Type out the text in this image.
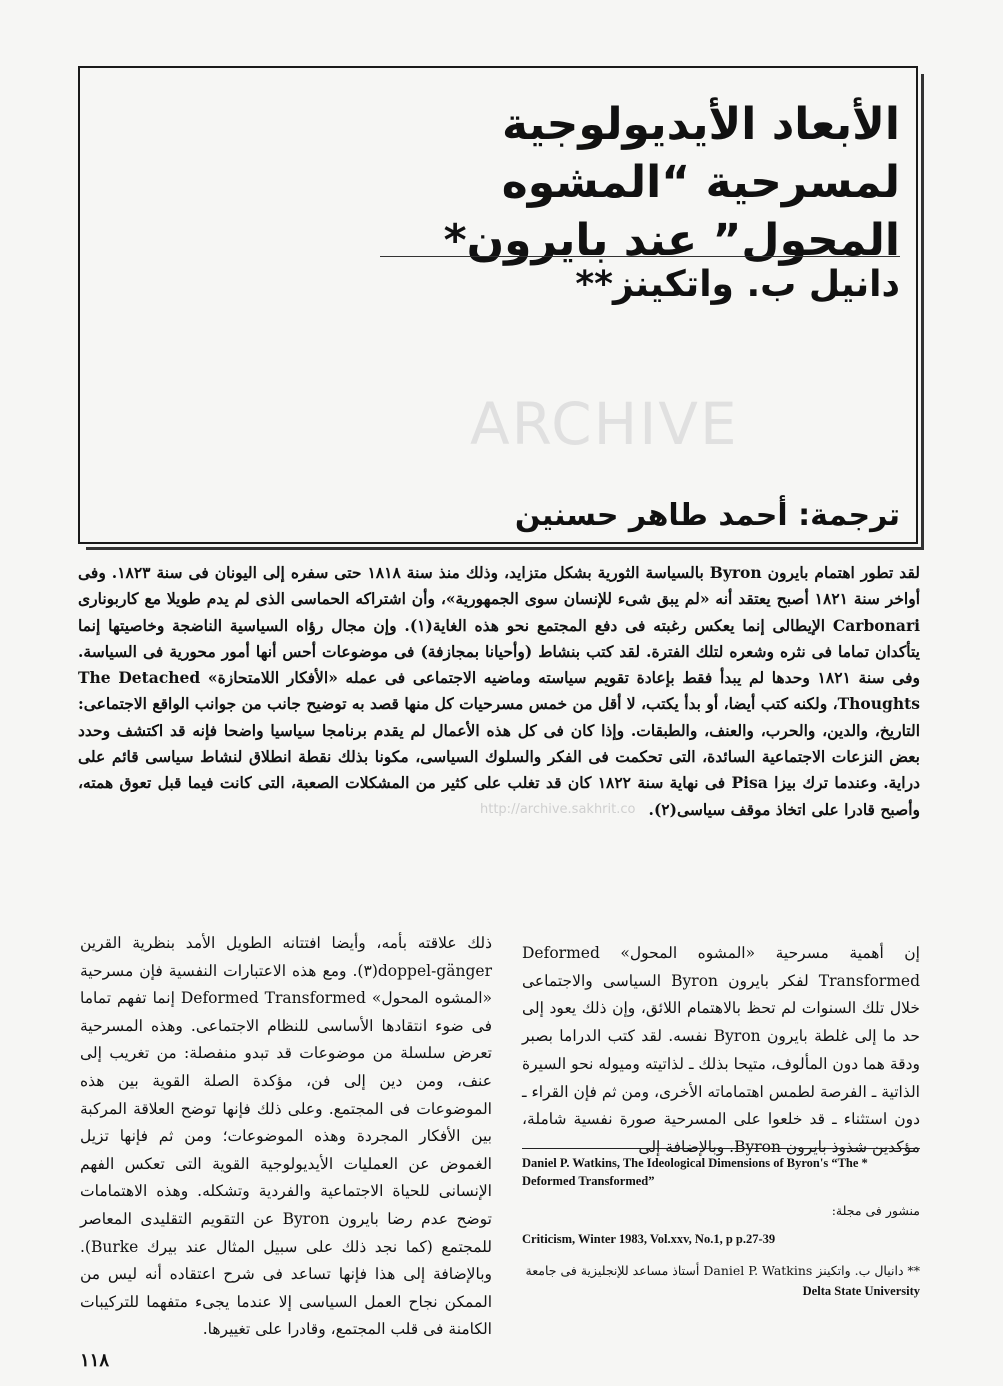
الأبعاد الأيديولوجية لمسرحية “المشوه المحول” عند بايرون*
دانيل ب. واتكينز**
ترجمة: أحمد طاهر حسنين

لقد تطور اهتمام بايرون Byron بالسياسة الثورية بشكل متزايد، وذلك منذ سنة ١٨١٨ حتى سفره إلى اليونان فى سنة ١٨٢٣. وفى أواخر سنة ١٨٢١ أصبح يعتقد أنه «لم يبق شىء للإنسان سوى الجمهورية»، وأن اشتراكه الحماسى الذى لم يدم طويلا مع كاربونارى Carbonari الإيطالى إنما يعكس رغبته فى دفع المجتمع نحو هذه الغاية(١). وإن مجال رؤاه السياسية الناضجة وخاصيتها إنما يتأكدان تماما فى نثره وشعره لتلك الفترة. لقد كتب بنشاط (وأحيانا بمجازفة) فى موضوعات أحس أنها أمور محورية فى السياسة. وفى سنة ١٨٢١ وحدها لم يبدأ فقط بإعادة تقويم سياسته وماضيه الاجتماعى فى عمله «الأفكار اللامتحازة» The Detached Thoughts، ولكنه كتب أيضا، أو بدأ يكتب، لا أقل من خمس مسرحيات كل منها قصد به توضيح جانب من جوانب الواقع الاجتماعى: التاريخ، والدين، والحرب، والعنف، والطبقات. وإذا كان فى كل هذه الأعمال لم يقدم برنامجا سياسيا واضحا فإنه قد اكتشف وحدد بعض النزعات الاجتماعية السائدة، التى تحكمت فى الفكر والسلوك السياسى، مكونا بذلك نقطة انطلاق لنشاط سياسى قائم على دراية. وعندما ترك بيزا Pisa فى نهاية سنة ١٨٢٢ كان قد تغلب على كثير من المشكلات الصعبة، التى كانت فيما قبل تعوق همته، وأصبح قادرا على اتخاذ موقف سياسى(٢).

ARCHIVE
http://archive.sakhrit.co

إن أهمية مسرحية «المشوه المحول» Deformed Transformed لفكر بايرون Byron السياسى والاجتماعى خلال تلك السنوات لم تحظ بالاهتمام اللائق، وإن ذلك يعود إلى حد ما إلى غلطة بايرون Byron نفسه. لقد كتب الدراما بصبر ودقة هما دون المألوف، متيحا بذلك ـ لذاتيته وميوله نحو السيرة الذاتية ـ الفرصة لطمس اهتماماته الأخرى، ومن ثم فإن القراء ـ دون استثناء ـ قد خلعوا على المسرحية صورة نفسية شاملة، مؤكدين شذوذ بايرون Byron. وبالإضافة إلى

ذلك علاقته بأمه، وأيضا افتتانه الطويل الأمد بنظرية القرين doppel-gänger(٣). ومع هذه الاعتبارات النفسية فإن مسرحية «المشوه المحول» Deformed Transformed إنما تفهم تماما فى ضوء انتقادها الأساسى للنظام الاجتماعى. وهذه المسرحية تعرض سلسلة من موضوعات قد تبدو منفصلة: من تغريب إلى عنف، ومن دين إلى فن، مؤكدة الصلة القوية بين هذه الموضوعات فى المجتمع. وعلى ذلك فإنها توضح العلاقة المركبة بين الأفكار المجردة وهذه الموضوعات؛ ومن ثم فإنها تزيل الغموض عن العمليات الأيديولوجية القوية التى تعكس الفهم الإنسانى للحياة الاجتماعية والفردية وتشكله. وهذه الاهتمامات توضح عدم رضا بايرون Byron عن التقويم التقليدى المعاصر للمجتمع (كما نجد ذلك على سبيل المثال عند بيرك Burke). وبالإضافة إلى هذا فإنها تساعد فى شرح اعتقاده أنه ليس من الممكن نجاح العمل السياسى إلا عندما يجىء متفهما للتركيبات الكامنة فى قلب المجتمع، وقادرا على تغييرها.

Daniel P. Watkins, The Ideological Dimensions of Byron's “The * Deformed Transformed”

منشور فى مجلة:

Criticism, Winter 1983, Vol.xxv, No.1, p p.27-39

** دانيال ب. واتكينز Daniel P. Watkins أستاذ مساعد للإنجليزية فى جامعة

Delta State University

١١٨
